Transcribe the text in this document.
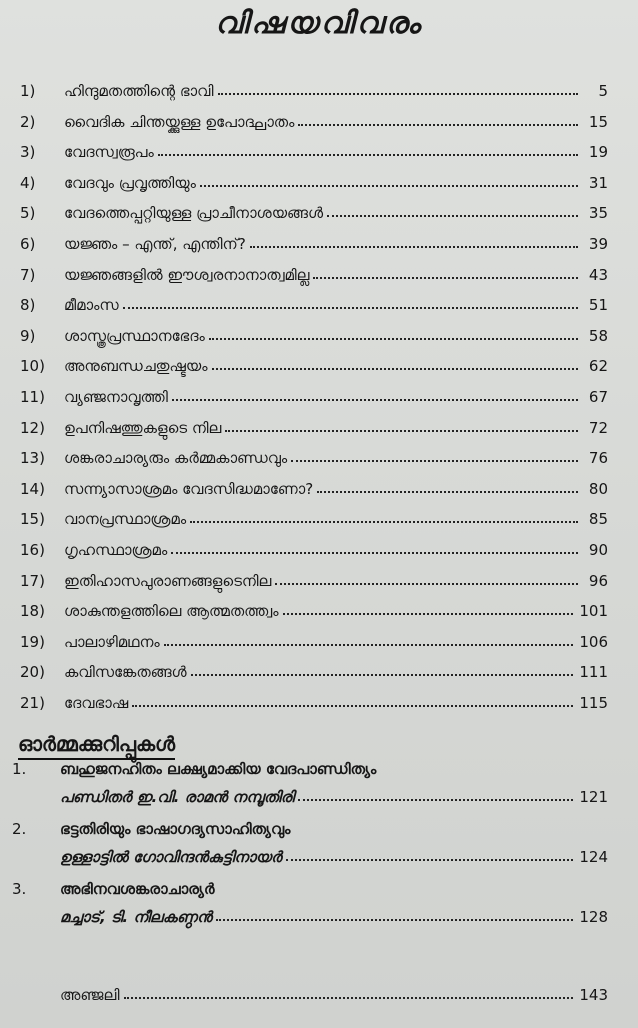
വിഷയവിവരം
1)	ഹിന്ദുമതത്തിന്റെ ഭാവി	5
2)	വൈദിക ചിന്തയ്ക്കുള്ള ഉപോദ്ഘാതം	15
3)	വേദസ്വരൂപം	19
4)	വേദവും പ്രവൃത്തിയും	31
5)	വേദത്തെപ്പറ്റിയുള്ള പ്രാചീനാശയങ്ങൾ	35
6)	യജ്ഞം – എന്ത്, എന്തിന്?	39
7)	യജ്ഞങ്ങളിൽ ഈശ്വരനാനാത്വമില്ല	43
8)	മീമാംസ	51
9)	ശാസ്ത്രപ്രസ്ഥാനഭേദം	58
10)	അനുബന്ധചതുഷ്ടയം	62
11)	വ്യഞ്ജനാവൃത്തി	67
12)	ഉപനിഷത്തുകളുടെ നില	72
13)	ശങ്കരാചാര്യരും കർമ്മകാണ്ഡവും	76
14)	സന്ന്യാസാശ്രമം വേദസിദ്ധമാണോ?	80
15)	വാനപ്രസ്ഥാശ്രമം	85
16)	ഗൃഹസ്ഥാശ്രമം	90
17)	ഇതിഹാസപുരാണങ്ങളുടെനില	96
18)	ശാകുന്തളത്തിലെ ആത്മതത്ത്വം	101
19)	പാലാഴിമഥനം	106
20)	കവിസങ്കേതങ്ങൾ	111
21)	ദേവഭാഷ	115
ഓർമ്മക്കുറിപ്പുകൾ
1. ബഹുജനഹിതം ലക്ഷ്യമാക്കിയ വേദപാണ്ഡിത്യം
പണ്ഡിതർ ഇ.വി. രാമൻ നമ്പൂതിരി	121
2. ഭട്ടതിരിയും ഭാഷാഗദ്യസാഹിത്യവും
ഉള്ളാട്ടിൽ ഗോവിന്ദൻകുട്ടിനായർ	124
3. അഭിനവശങ്കരാചാര്യർ
മച്ചാട്, ടി. നീലകണ്ഠൻ	128
അഞ്ജലി	143
